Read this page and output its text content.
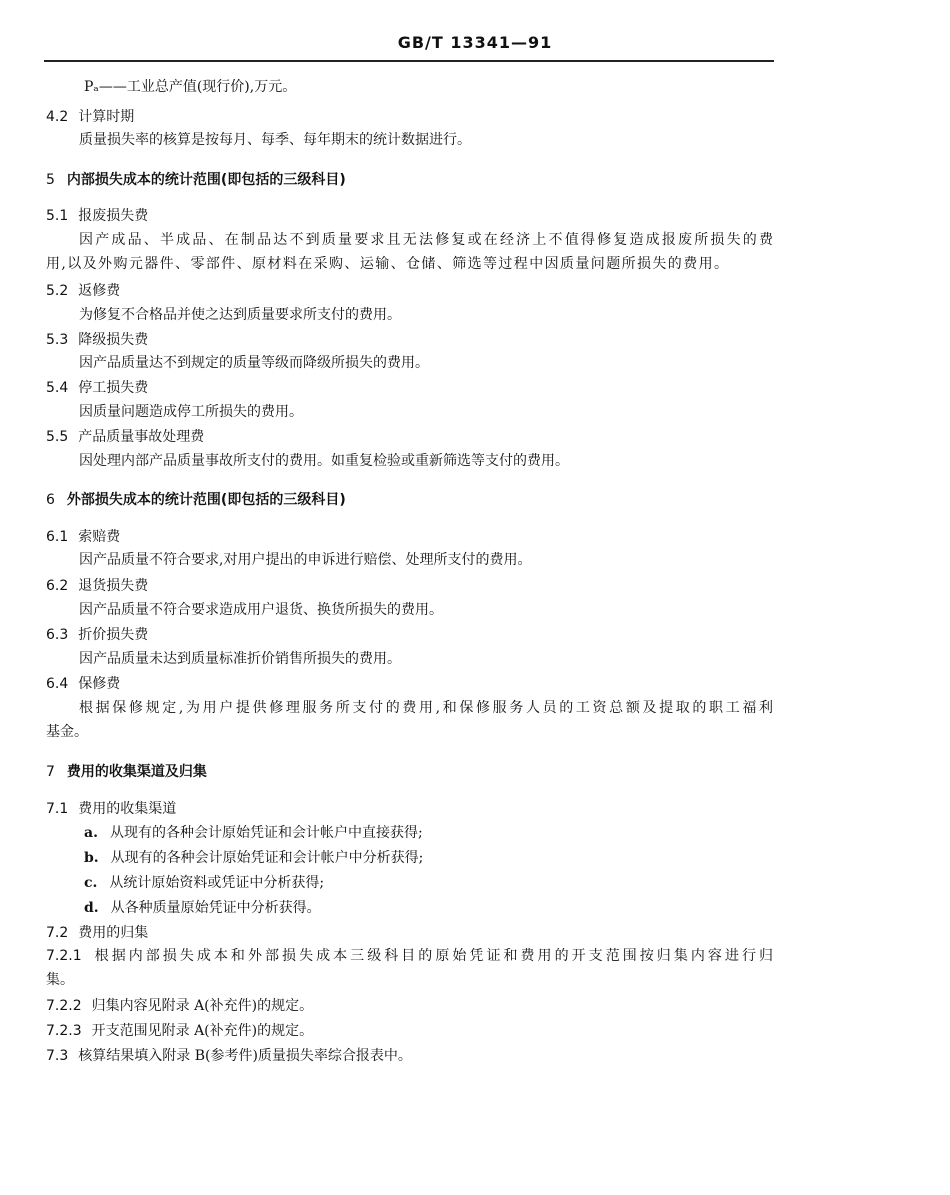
GB/T 13341—91
Pₐ——工业总产值(现行价),万元。
4.2 计算时期
质量损失率的核算是按每月、每季、每年期末的统计数据进行。
5 内部损失成本的统计范围(即包括的三级科目)
5.1 报废损失费
因产成品、半成品、在制品达不到质量要求且无法修复或在经济上不值得修复造成报废所损失的费
用,以及外购元器件、零部件、原材料在采购、运输、仓储、筛选等过程中因质量问题所损失的费用。
5.2 返修费
为修复不合格品并使之达到质量要求所支付的费用。
5.3 降级损失费
因产品质量达不到规定的质量等级而降级所损失的费用。
5.4 停工损失费
因质量问题造成停工所损失的费用。
5.5 产品质量事故处理费
因处理内部产品质量事故所支付的费用。如重复检验或重新筛选等支付的费用。
6 外部损失成本的统计范围(即包括的三级科目)
6.1 索赔费
因产品质量不符合要求,对用户提出的申诉进行赔偿、处理所支付的费用。
6.2 退货损失费
因产品质量不符合要求造成用户退货、换货所损失的费用。
6.3 折价损失费
因产品质量未达到质量标准折价销售所损失的费用。
6.4 保修费
根据保修规定,为用户提供修理服务所支付的费用,和保修服务人员的工资总额及提取的职工福利
基金。
7 费用的收集渠道及归集
7.1 费用的收集渠道
a. 从现有的各种会计原始凭证和会计帐户中直接获得;
b. 从现有的各种会计原始凭证和会计帐户中分析获得;
c. 从统计原始资料或凭证中分析获得;
d. 从各种质量原始凭证中分析获得。
7.2 费用的归集
7.2.1 根据内部损失成本和外部损失成本三级科目的原始凭证和费用的开支范围按归集内容进行归
集。
7.2.2 归集内容见附录 A(补充件)的规定。
7.2.3 开支范围见附录 A(补充件)的规定。
7.3 核算结果填入附录 B(参考件)质量损失率综合报表中。
